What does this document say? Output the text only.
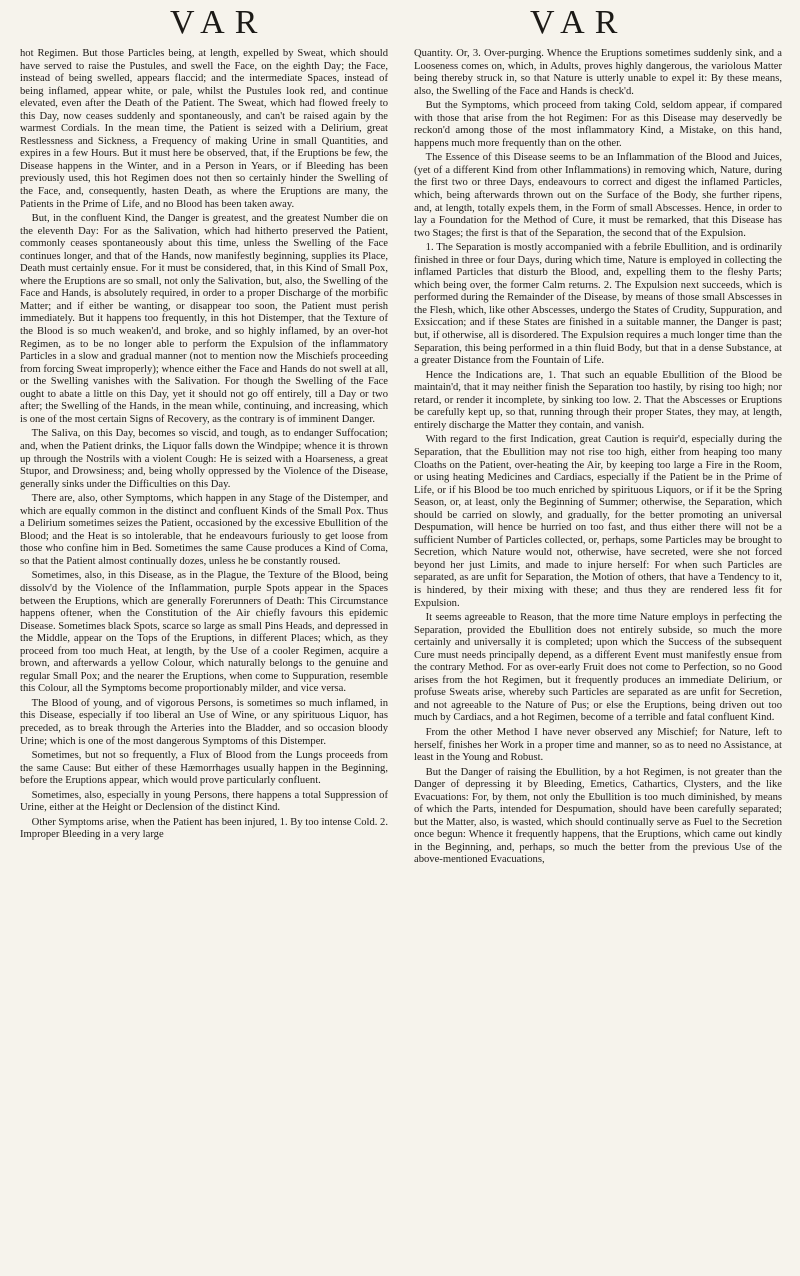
VAR	VAR

hot Regimen. But those Particles being, at length, expelled by Sweat, which should have served to raise the Pustules, and swell the Face, on the eighth Day; the Face, instead of being swelled, appears flaccid; and the intermediate Spaces, instead of being inflamed, appear white, or pale, whilst the Pustules look red, and continue elevated, even after the Death of the Patient. The Sweat, which had flowed freely to this Day, now ceases suddenly and spontaneously, and can't be raised again by the warmest Cordials. In the mean time, the Patient is seized with a Delirium, great Restlessness and Sickness, a Frequency of making Urine in small Quantities, and expires in a few Hours. But it must here be observed, that, if the Eruptions be few, the Disease happens in the Winter, and in a Person in Years, or if Bleeding has been previously used, this hot Regimen does not then so certainly hinder the Swelling of the Face, and, consequently, hasten Death, as where the Eruptions are many, the Patients in the Prime of Life, and no Blood has been taken away.

But, in the confluent Kind, the Danger is greatest, and the greatest Number die on the eleventh Day: For as the Salivation, which had hitherto preserved the Patient, commonly ceases spontaneously about this time, unless the Swelling of the Face continues longer, and that of the Hands, now manifestly beginning, supplies its Place, Death must certainly ensue. For it must be considered, that, in this Kind of Small Pox, where the Eruptions are so small, not only the Salivation, but, also, the Swelling of the Face and Hands, is absolutely required, in order to a proper Discharge of the morbific Matter; and if either be wanting, or disappear too soon, the Patient must perish immediately. But it happens too frequently, in this hot Distemper, that the Texture of the Blood is so much weaken'd, and broke, and so highly inflamed, by an over-hot Regimen, as to be no longer able to perform the Expulsion of the inflammatory Particles in a slow and gradual manner (not to mention now the Mischiefs proceeding from forcing Sweat improperly); whence either the Face and Hands do not swell at all, or the Swelling vanishes with the Salivation. For though the Swelling of the Face ought to abate a little on this Day, yet it should not go off entirely, till a Day or two after; the Swelling of the Hands, in the mean while, continuing, and increasing, which is one of the most certain Signs of Recovery, as the contrary is of imminent Danger.

The Saliva, on this Day, becomes so viscid, and tough, as to endanger Suffocation; and, when the Patient drinks, the Liquor falls down the Windpipe; whence it is thrown up through the Nostrils with a violent Cough: He is seized with a Hoarseness, a great Stupor, and Drowsiness; and, being wholly oppressed by the Violence of the Disease, generally sinks under the Difficulties on this Day.

There are, also, other Symptoms, which happen in any Stage of the Distemper, and which are equally common in the distinct and confluent Kinds of the Small Pox. Thus a Delirium sometimes seizes the Patient, occasioned by the excessive Ebullition of the Blood; and the Heat is so intolerable, that he endeavours furiously to get loose from those who confine him in Bed. Sometimes the same Cause produces a Kind of Coma, so that the Patient almost continually dozes, unless he be constantly roused.

Sometimes, also, in this Disease, as in the Plague, the Texture of the Blood, being dissolv'd by the Violence of the Inflammation, purple Spots appear in the Spaces between the Eruptions, which are generally Forerunners of Death: This Circumstance happens oftener, when the Constitution of the Air chiefly favours this epidemic Disease. Sometimes black Spots, scarce so large as small Pins Heads, and depressed in the Middle, appear on the Tops of the Eruptions, in different Places; which, as they proceed from too much Heat, at length, by the Use of a cooler Regimen, acquire a brown, and afterwards a yellow Colour, which naturally belongs to the genuine and regular Small Pox; and the nearer the Eruptions, when come to Suppuration, resemble this Colour, all the Symptoms become proportionably milder, and vice versa.

The Blood of young, and of vigorous Persons, is sometimes so much inflamed, in this Disease, especially if too liberal an Use of Wine, or any spirituous Liquor, has preceded, as to break through the Arteries into the Bladder, and so occasion bloody Urine; which is one of the most dangerous Symptoms of this Distemper.

Sometimes, but not so frequently, a Flux of Blood from the Lungs proceeds from the same Cause: But either of these Hæmorrhages usually happen in the Beginning, before the Eruptions appear, which would prove particularly confluent.

Sometimes, also, especially in young Persons, there happens a total Suppression of Urine, either at the Height or Declension of the distinct Kind.

Other Symptoms arise, when the Patient has been injured, 1. By too intense Cold. 2. Improper Bleeding in a very large

Quantity. Or, 3. Over-purging. Whence the Eruptions sometimes suddenly sink, and a Looseness comes on, which, in Adults, proves highly dangerous, the variolous Matter being thereby struck in, so that Nature is utterly unable to expel it: By these means, also, the Swelling of the Face and Hands is check'd.

But the Symptoms, which proceed from taking Cold, seldom appear, if compared with those that arise from the hot Regimen: For as this Disease may deservedly be reckon'd among those of the most inflammatory Kind, a Mistake, on this hand, happens much more frequently than on the other.

The Essence of this Disease seems to be an Inflammation of the Blood and Juices, (yet of a different Kind from other Inflammations) in removing which, Nature, during the first two or three Days, endeavours to correct and digest the inflamed Particles, which, being afterwards thrown out on the Surface of the Body, she further ripens, and, at length, totally expels them, in the Form of small Abscesses. Hence, in order to lay a Foundation for the Method of Cure, it must be remarked, that this Disease has two Stages; the first is that of the Separation, the second that of the Expulsion.

1. The Separation is mostly accompanied with a febrile Ebullition, and is ordinarily finished in three or four Days, during which time, Nature is employed in collecting the inflamed Particles that disturb the Blood, and, expelling them to the fleshy Parts; which being over, the former Calm returns. 2. The Expulsion next succeeds, which is performed during the Remainder of the Disease, by means of those small Abscesses in the Flesh, which, like other Abscesses, undergo the States of Crudity, Suppuration, and Exsiccation; and if these States are finished in a suitable manner, the Danger is past; but, if otherwise, all is disordered. The Expulsion requires a much longer time than the Separation, this being performed in a thin fluid Body, but that in a dense Substance, at a greater Distance from the Fountain of Life.

Hence the Indications are, 1. That such an equable Ebullition of the Blood be maintain'd, that it may neither finish the Separation too hastily, by rising too high; nor retard, or render it incomplete, by sinking too low. 2. That the Abscesses or Eruptions be carefully kept up, so that, running through their proper States, they may, at length, entirely discharge the Matter they contain, and vanish.

With regard to the first Indication, great Caution is requir'd, especially during the Separation, that the Ebullition may not rise too high, either from heaping too many Cloaths on the Patient, over-heating the Air, by keeping too large a Fire in the Room, or using heating Medicines and Cardiacs, especially if the Patient be in the Prime of Life, or if his Blood be too much enriched by spirituous Liquors, or if it be the Spring Season, or, at least, only the Beginning of Summer; otherwise, the Separation, which should be carried on slowly, and gradually, for the better promoting an universal Despumation, will hence be hurried on too fast, and thus either there will not be a sufficient Number of Particles collected, or, perhaps, some Particles may be brought to Secretion, which Nature would not, otherwise, have secreted, were she not forced beyond her just Limits, and made to injure herself: For when such Particles are separated, as are unfit for Separation, the Motion of others, that have a Tendency to it, is hindered, by their mixing with these; and thus they are rendered less fit for Expulsion.

It seems agreeable to Reason, that the more time Nature employs in perfecting the Separation, provided the Ebullition does not entirely subside, so much the more certainly and universally it is completed; upon which the Success of the subsequent Cure must needs principally depend, as a different Event must manifestly ensue from the contrary Method. For as over-early Fruit does not come to Perfection, so no Good arises from the hot Regimen, but it frequently produces an immediate Delirium, or profuse Sweats arise, whereby such Particles are separated as are unfit for Secretion, and not agreeable to the Nature of Pus; or else the Eruptions, being driven out too much by Cardiacs, and a hot Regimen, become of a terrible and fatal confluent Kind.

From the other Method I have never observed any Mischief; for Nature, left to herself, finishes her Work in a proper time and manner, so as to need no Assistance, at least in the Young and Robust.

But the Danger of raising the Ebullition, by a hot Regimen, is not greater than the Danger of depressing it by Bleeding, Emetics, Cathartics, Clysters, and the like Evacuations: For, by them, not only the Ebullition is too much diminished, by means of which the Parts, intended for Despumation, should have been carefully separated; but the Matter, also, is wasted, which should continually serve as Fuel to the Secretion once begun: Whence it frequently happens, that the Eruptions, which came out kindly in the Beginning, and, perhaps, so much the better from the previous Use of the above-mentioned Evacuations,
